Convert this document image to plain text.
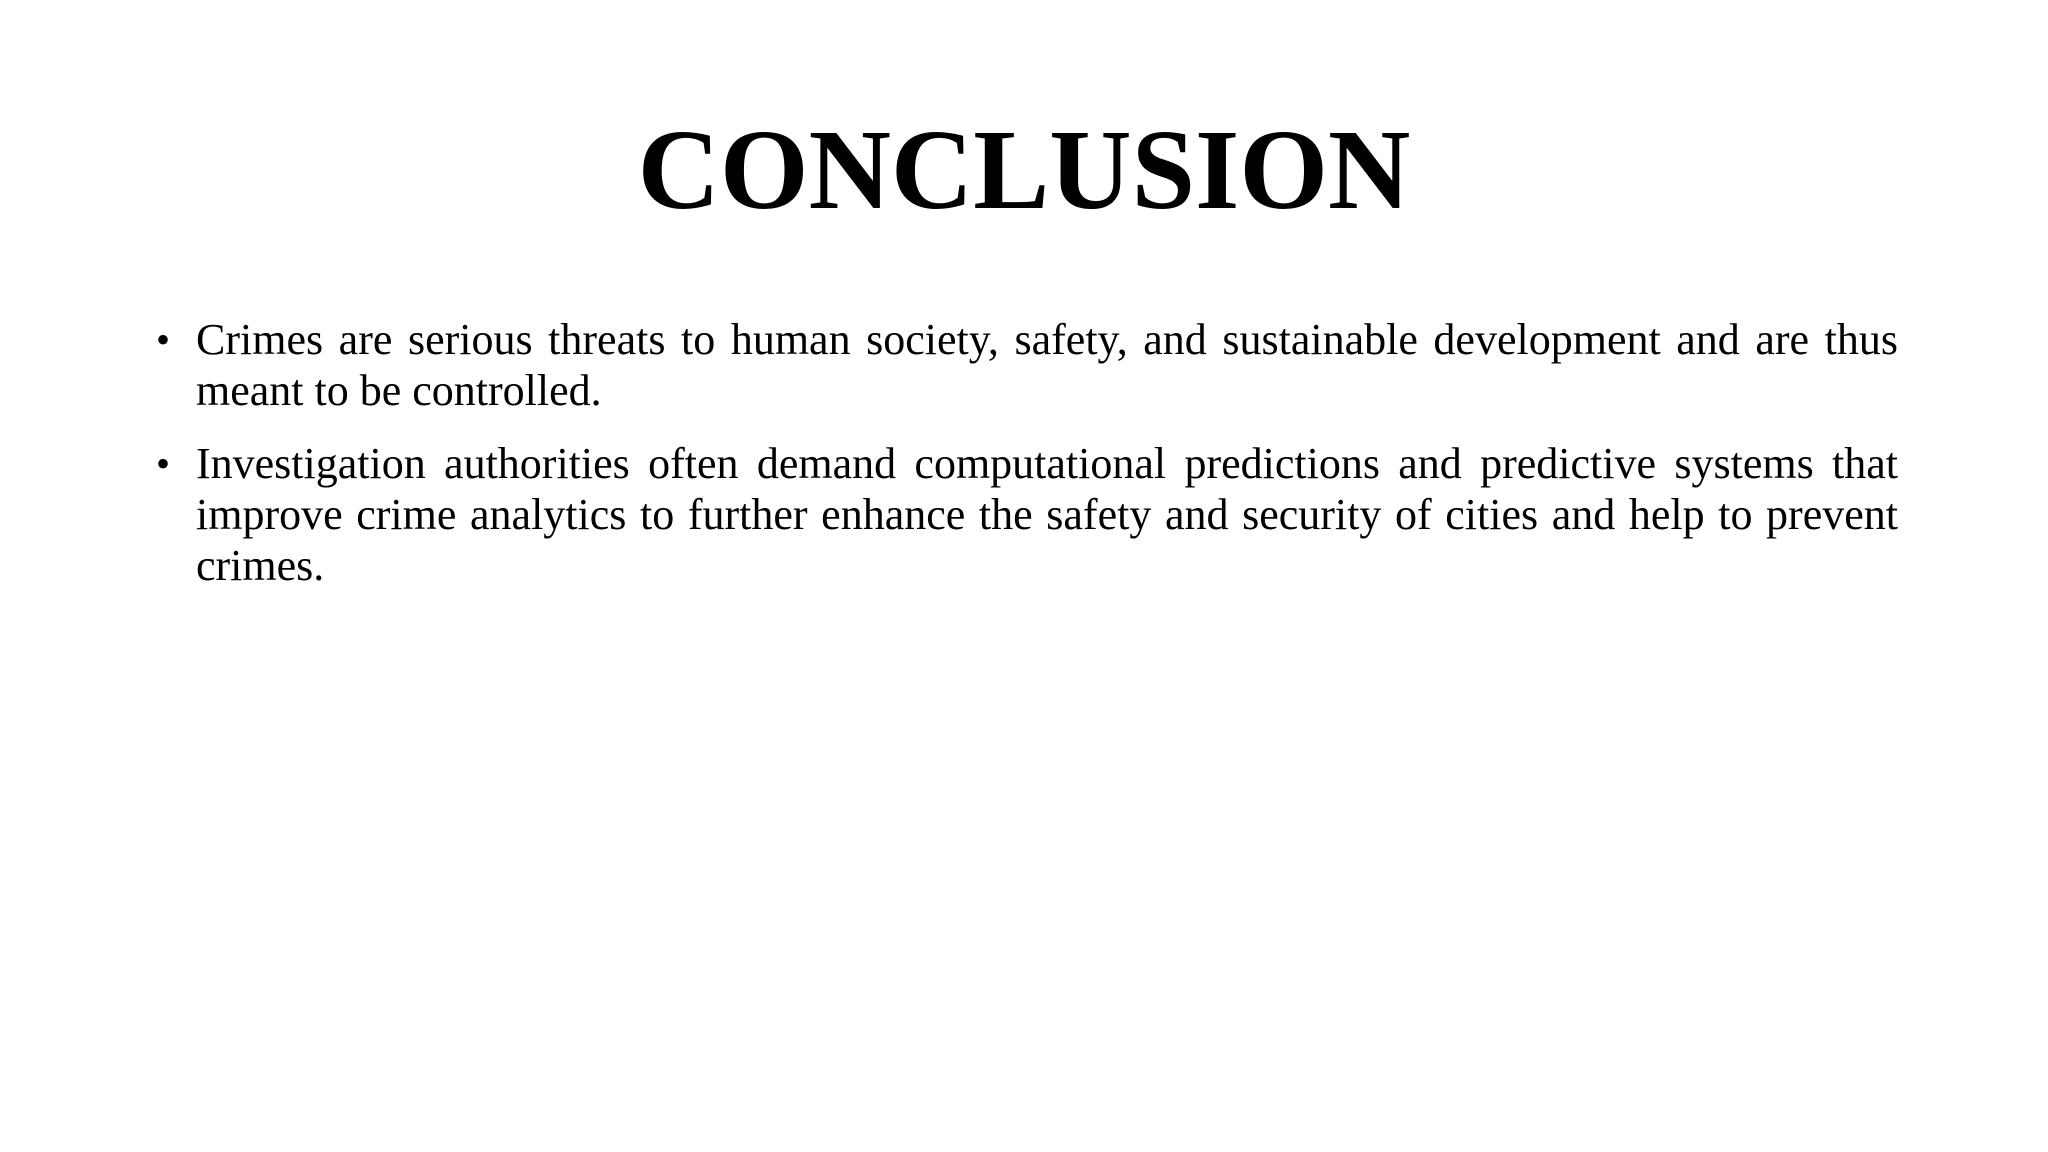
CONCLUSION
• Crimes are serious threats to human society, safety, and sustainable development and are thus meant to be controlled.
• Investigation authorities often demand computational predictions and predictive systems that improve crime analytics to further enhance the safety and security of cities and help to prevent crimes.
